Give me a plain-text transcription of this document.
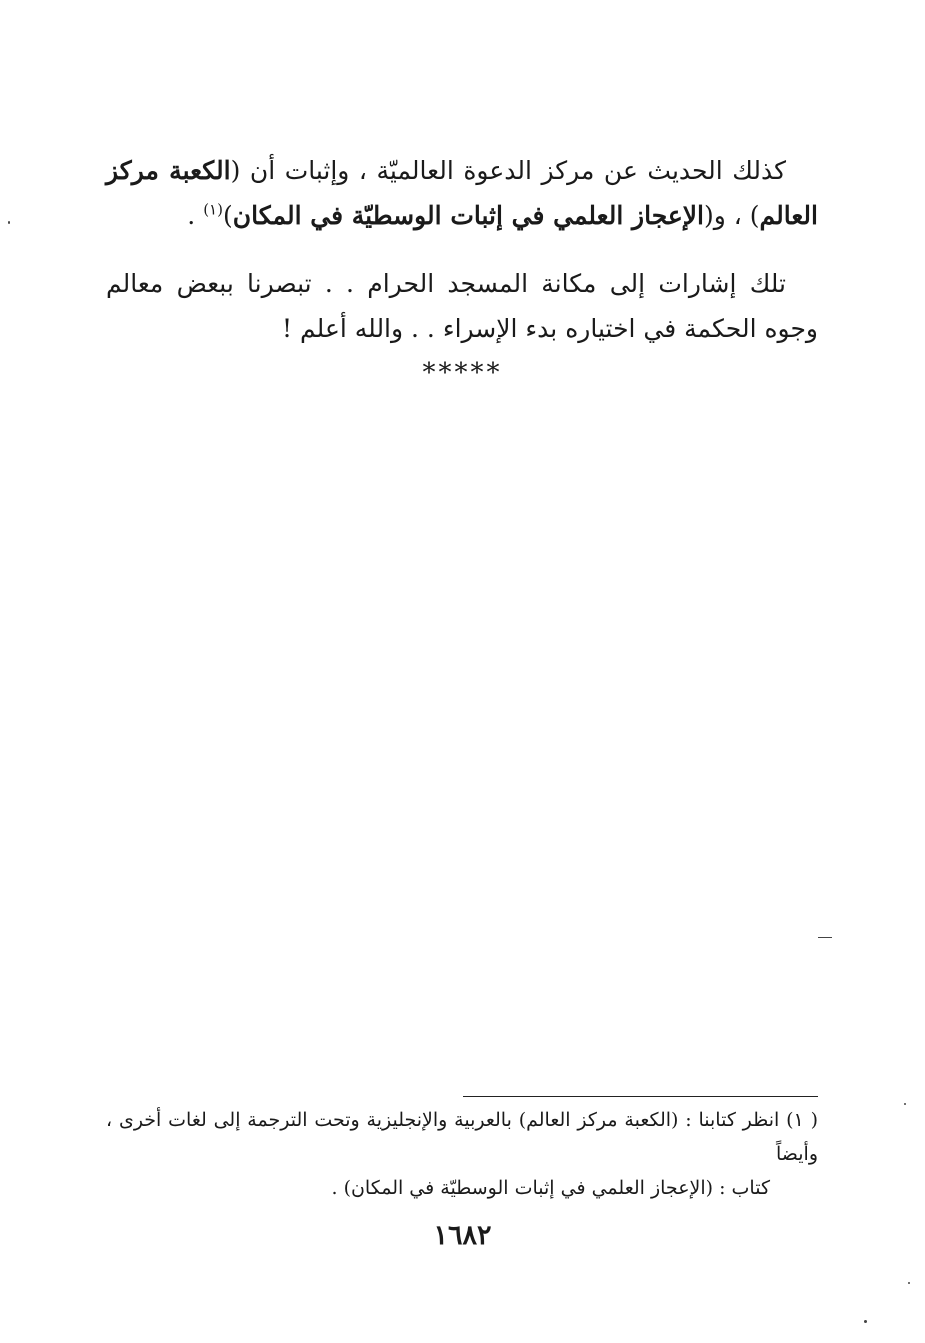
كذلك الحديث عن مركز الدعوة العالميّة ، وإثبات أن (الكعبة مركز العالم) ، و(الإعجاز العلمي في إثبات الوسطيّة في المكان)$^{(١)}$ .

تلك إشارات إلى مكانة المسجد الحرام . . تبصرنا ببعض معالم وجوه الحكمة في اختياره بدء الإسراء . . والله أعلم !

*****
( ١) انظر كتابنا : (الكعبة مركز العالم) بالعربية والإنجليزية وتحت الترجمة إلى لغات أخرى ، وأيضاً
كتاب : (الإعجاز العلمي في إثبات الوسطيّة في المكان) .
١٦٨٢
